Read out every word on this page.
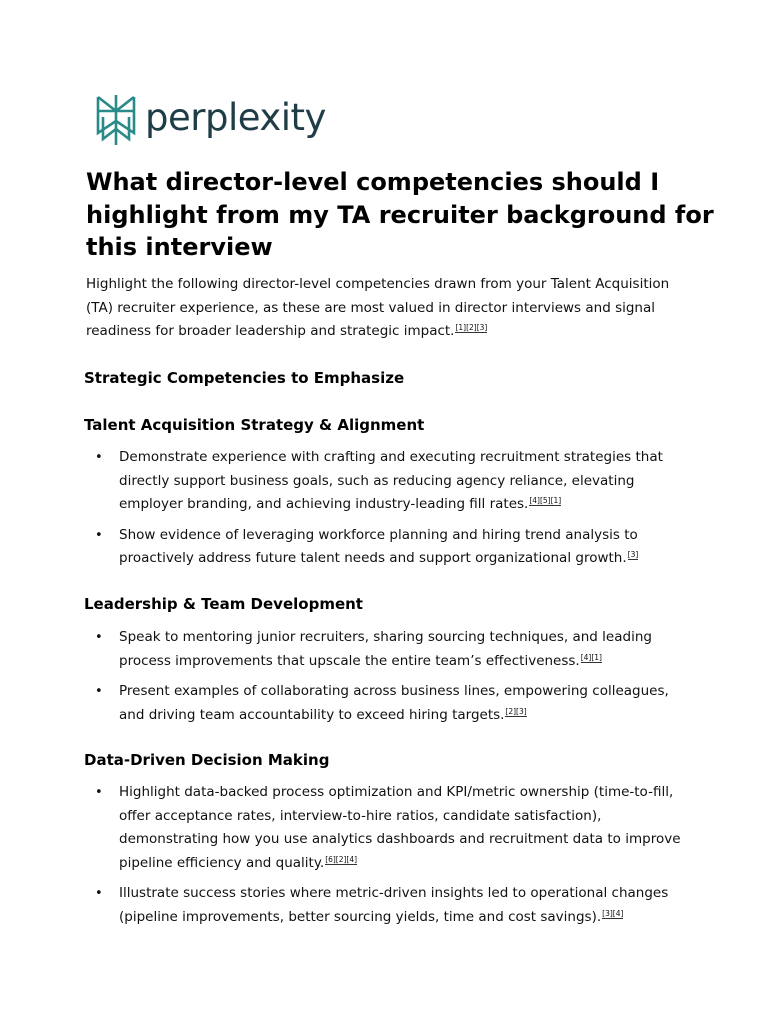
perplexity
What director-level competencies should I highlight from my TA recruiter background for this interview

Highlight the following director-level competencies drawn from your Talent Acquisition (TA) recruiter experience, as these are most valued in director interviews and signal readiness for broader leadership and strategic impact.[1][2][3]

Strategic Competencies to Emphasize
Talent Acquisition Strategy & Alignment
• Demonstrate experience with crafting and executing recruitment strategies that directly support business goals, such as reducing agency reliance, elevating employer branding, and achieving industry-leading fill rates.[4][5][1]
• Show evidence of leveraging workforce planning and hiring trend analysis to proactively address future talent needs and support organizational growth.[3]
Leadership & Team Development
• Speak to mentoring junior recruiters, sharing sourcing techniques, and leading process improvements that upscale the entire team’s effectiveness.[4][1]
• Present examples of collaborating across business lines, empowering colleagues, and driving team accountability to exceed hiring targets.[2][3]
Data-Driven Decision Making
• Highlight data-backed process optimization and KPI/metric ownership (time-to-fill, offer acceptance rates, interview-to-hire ratios, candidate satisfaction), demonstrating how you use analytics dashboards and recruitment data to improve pipeline efficiency and quality.[6][2][4]
• Illustrate success stories where metric-driven insights led to operational changes (pipeline improvements, better sourcing yields, time and cost savings).[3][4]
